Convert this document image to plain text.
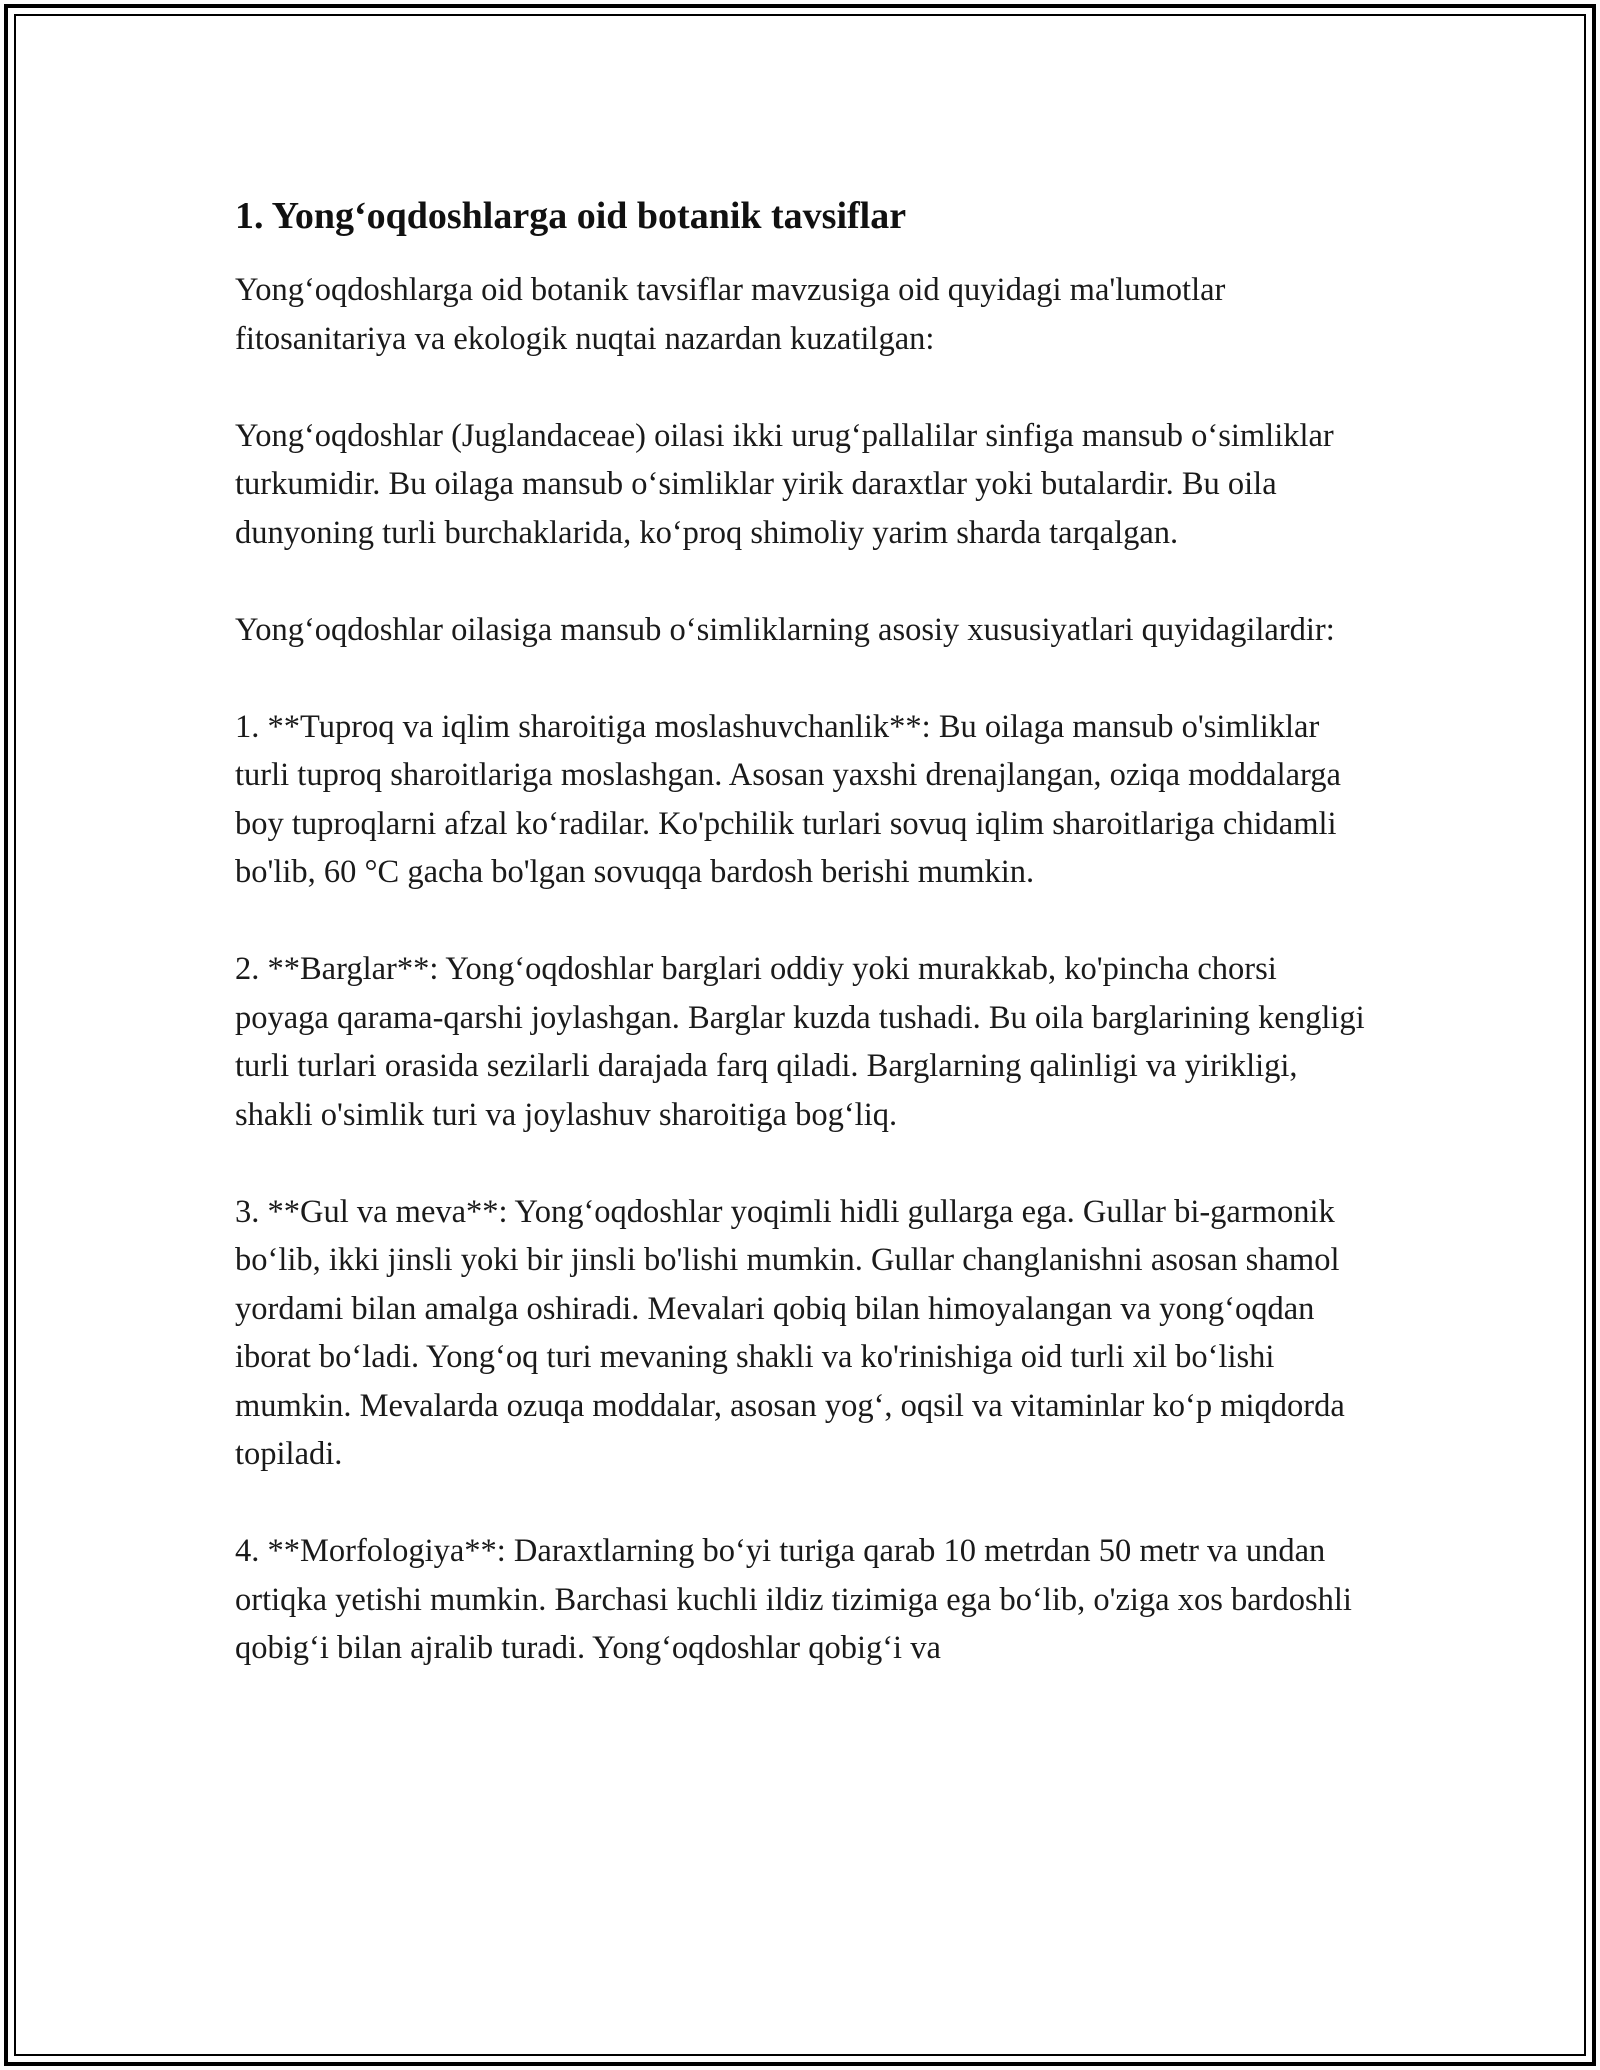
1. Yong‘oqdoshlarga oid botanik tavsiflar

Yong‘oqdoshlarga oid botanik tavsiflar mavzusiga oid quyidagi ma'lumotlar fitosanitariya va ekologik nuqtai nazardan kuzatilgan:

Yong‘oqdoshlar (Juglandaceae) oilasi ikki urug‘pallalilar sinfiga mansub o‘simliklar turkumidir. Bu oilaga mansub o‘simliklar yirik daraxtlar yoki butalardir. Bu oila dunyoning turli burchaklarida, ko‘proq shimoliy yarim sharda tarqalgan.

Yong‘oqdoshlar oilasiga mansub o‘simliklarning asosiy xususiyatlari quyidagilardir:

1. **Tuproq va iqlim sharoitiga moslashuvchanlik**: Bu oilaga mansub o'simliklar turli tuproq sharoitlariga moslashgan. Asosan yaxshi drenajlangan, oziqa moddalarga boy tuproqlarni afzal ko‘radilar. Ko'pchilik turlari sovuq iqlim sharoitlariga chidamli bo'lib, 60 °C gacha bo'lgan sovuqqa bardosh berishi mumkin.

2. **Barglar**: Yong‘oqdoshlar barglari oddiy yoki murakkab, ko'pincha chorsi poyaga qarama-qarshi joylashgan. Barglar kuzda tushadi. Bu oila barglarining kengligi turli turlari orasida sezilarli darajada farq qiladi. Barglarning qalinligi va yirikligi, shakli o'simlik turi va joylashuv sharoitiga bog‘liq.

3. **Gul va meva**: Yong‘oqdoshlar yoqimli hidli gullarga ega. Gullar bi-garmonik bo‘lib, ikki jinsli yoki bir jinsli bo'lishi mumkin. Gullar changlanishni asosan shamol yordami bilan amalga oshiradi. Mevalari qobiq bilan himoyalangan va yong‘oqdan iborat bo‘ladi. Yong‘oq turi mevaning shakli va ko'rinishiga oid turli xil bo‘lishi mumkin. Mevalarda ozuqa moddalar, asosan yog‘, oqsil va vitaminlar ko‘p miqdorda topiladi.

4. **Morfologiya**: Daraxtlarning bo‘yi turiga qarab 10 metrdan 50 metr va undan ortiqka yetishi mumkin. Barchasi kuchli ildiz tizimiga ega bo‘lib, o'ziga xos bardoshli qobig‘i bilan ajralib turadi. Yong‘oqdoshlar qobig‘i va
